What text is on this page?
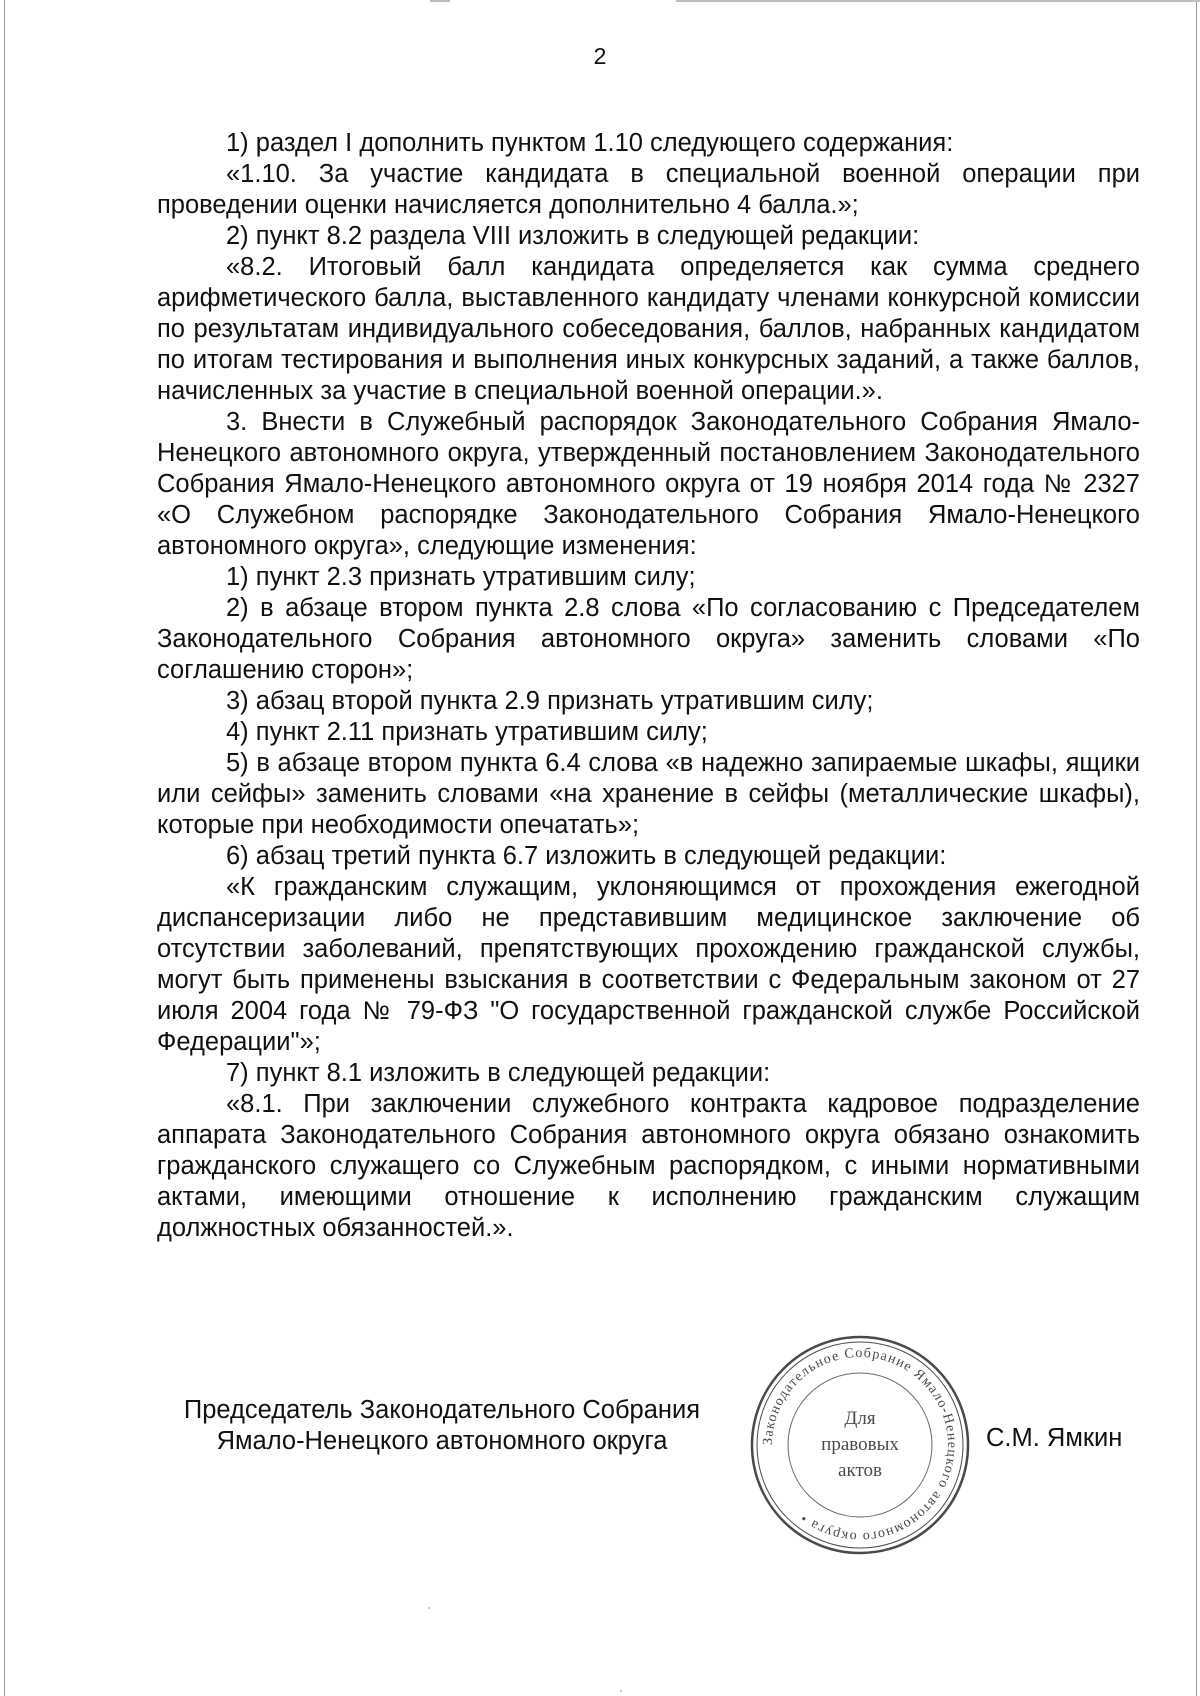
2

1) раздел I дополнить пунктом 1.10 следующего содержания:

«1.10. За участие кандидата в специальной военной операции при проведении оценки начисляется дополнительно 4 балла.»;

2) пункт 8.2 раздела VIII изложить в следующей редакции:

«8.2. Итоговый балл кандидата определяется как сумма среднего арифметического балла, выставленного кандидату членами конкурсной комиссии по результатам индивидуального собеседования, баллов, набранных кандидатом по итогам тестирования и выполнения иных конкурсных заданий, а также баллов, начисленных за участие в специальной военной операции.».

3. Внести в Служебный распорядок Законодательного Собрания Ямало-Ненецкого автономного округа, утвержденный постановлением Законодательного Собрания Ямало-Ненецкого автономного округа от 19 ноября 2014 года № 2327 «О Служебном распорядке Законодательного Собрания Ямало-Ненецкого автономного округа», следующие изменения:

1) пункт 2.3 признать утратившим силу;

2) в абзаце втором пункта 2.8 слова «По согласованию с Председателем Законодательного Собрания автономного округа» заменить словами «По соглашению сторон»;

3) абзац второй пункта 2.9 признать утратившим силу;

4) пункт 2.11 признать утратившим силу;

5) в абзаце втором пункта 6.4 слова «в надежно запираемые шкафы, ящики или сейфы» заменить словами «на хранение в сейфы (металлические шкафы), которые при необходимости опечатать»;

6) абзац третий пункта 6.7 изложить в следующей редакции:

«К гражданским служащим, уклоняющимся от прохождения ежегодной диспансеризации либо не представившим медицинское заключение об отсутствии заболеваний, препятствующих прохождению гражданской службы, могут быть применены взыскания в соответствии с Федеральным законом от 27 июля 2004 года № 79-ФЗ "О государственной гражданской службе Российской Федерации"»;

7) пункт 8.1 изложить в следующей редакции:

«8.1. При заключении служебного контракта кадровое подразделение аппарата Законодательного Собрания автономного округа обязано ознакомить гражданского служащего со Служебным распорядком, с иными нормативными актами, имеющими отношение к исполнению гражданским служащим должностных обязанностей.».

Председатель Законодательного Собрания
Ямало-Ненецкого автономного округа	С.М. Ямкин
Законодательное Собрание Ямало-Ненецкого автономного округа •
Для
правовых
актов
